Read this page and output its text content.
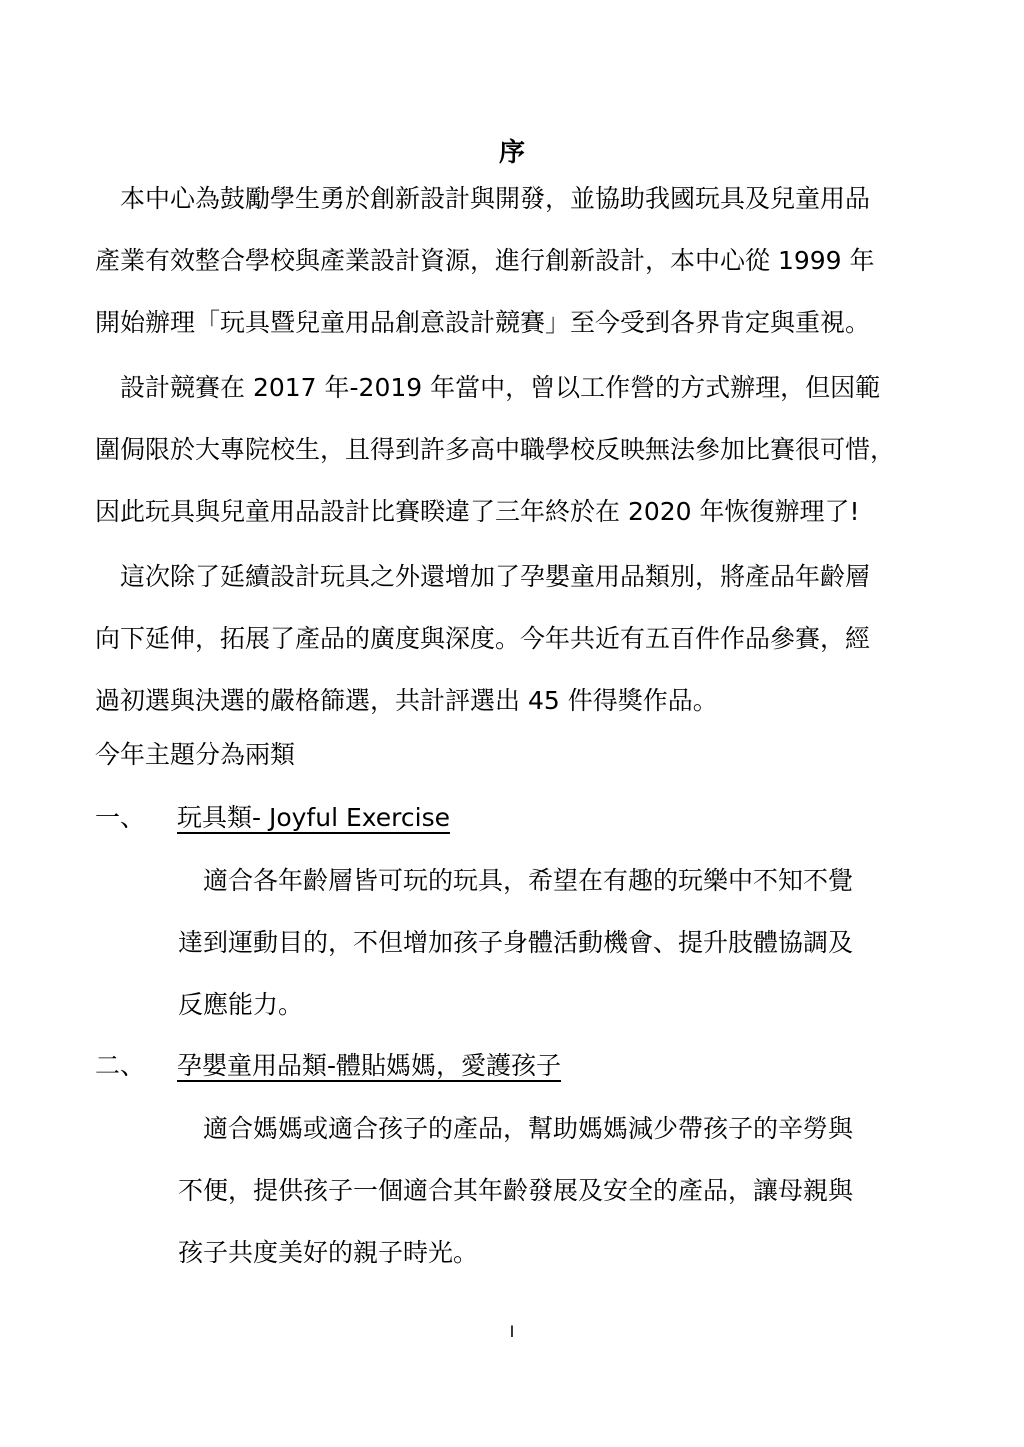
序
本中心為鼓勵學生勇於創新設計與開發，並協助我國玩具及兒童用品
產業有效整合學校與產業設計資源，進行創新設計，本中心從 1999 年
開始辦理「玩具暨兒童用品創意設計競賽」至今受到各界肯定與重視。
設計競賽在 2017 年-2019 年當中，曾以工作營的方式辦理，但因範
圍侷限於大專院校生，且得到許多高中職學校反映無法參加比賽很可惜，
因此玩具與兒童用品設計比賽睽違了三年終於在 2020 年恢復辦理了!
這次除了延續設計玩具之外還增加了孕嬰童用品類別，將產品年齡層
向下延伸，拓展了產品的廣度與深度。今年共近有五百件作品參賽，經
過初選與決選的嚴格篩選，共計評選出 45 件得獎作品。
今年主題分為兩類
一、 玩具類- Joyful Exercise
適合各年齡層皆可玩的玩具，希望在有趣的玩樂中不知不覺
達到運動目的，不但增加孩子身體活動機會、提升肢體協調及
反應能力。
二、 孕嬰童用品類-體貼媽媽，愛護孩子
適合媽媽或適合孩子的產品，幫助媽媽減少帶孩子的辛勞與
不便，提供孩子一個適合其年齡發展及安全的產品，讓母親與
孩子共度美好的親子時光。
I
